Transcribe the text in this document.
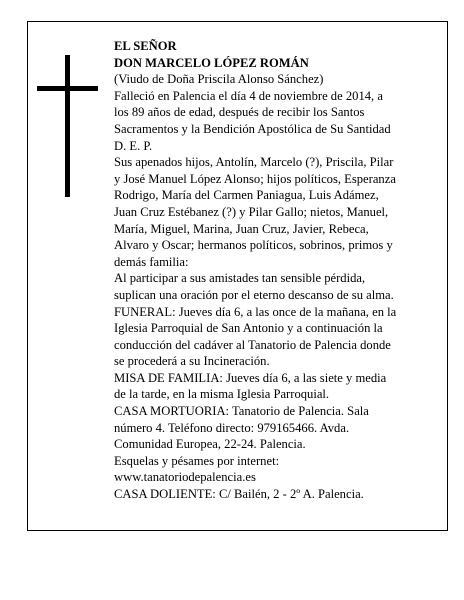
EL SEÑOR

DON MARCELO LÓPEZ ROMÁN

(Viudo de Doña Priscila Alonso Sánchez)

Falleció en Palencia el día 4 de noviembre de 2014, a los 89 años de edad, después de recibir los Santos Sacramentos y la Bendición Apostólica de Su Santidad D. E. P.

Sus apenados hijos, Antolín, Marcelo (?), Priscila, Pilar y José Manuel López Alonso; hijos políticos, Esperanza Rodrigo, María del Carmen Paniagua, Luis Adámez, Juan Cruz Estébanez (?) y Pilar Gallo; nietos, Manuel, María, Miguel, Marina, Juan Cruz, Javier, Rebeca, Alvaro y Oscar; hermanos políticos, sobrinos, primos y demás familia:

Al participar a sus amistades tan sensible pérdida, suplican una oración por el eterno descanso de su alma.

FUNERAL: Jueves día 6, a las once de la mañana, en la Iglesia Parroquial de San Antonio y a continuación la conducción del cadáver al Tanatorio de Palencia donde se procederá a su Incineración.

MISA DE FAMILIA: Jueves día 6, a las siete y media de la tarde, en la misma Iglesia Parroquial.

CASA MORTUORIA: Tanatorio de Palencia. Sala número 4. Teléfono directo: 979165466. Avda. Comunidad Europea, 22-24. Palencia.

Esquelas y pésames por internet: www.tanatoriodepalencia.es

CASA DOLIENTE: C/ Bailén, 2 - 2º A. Palencia.
